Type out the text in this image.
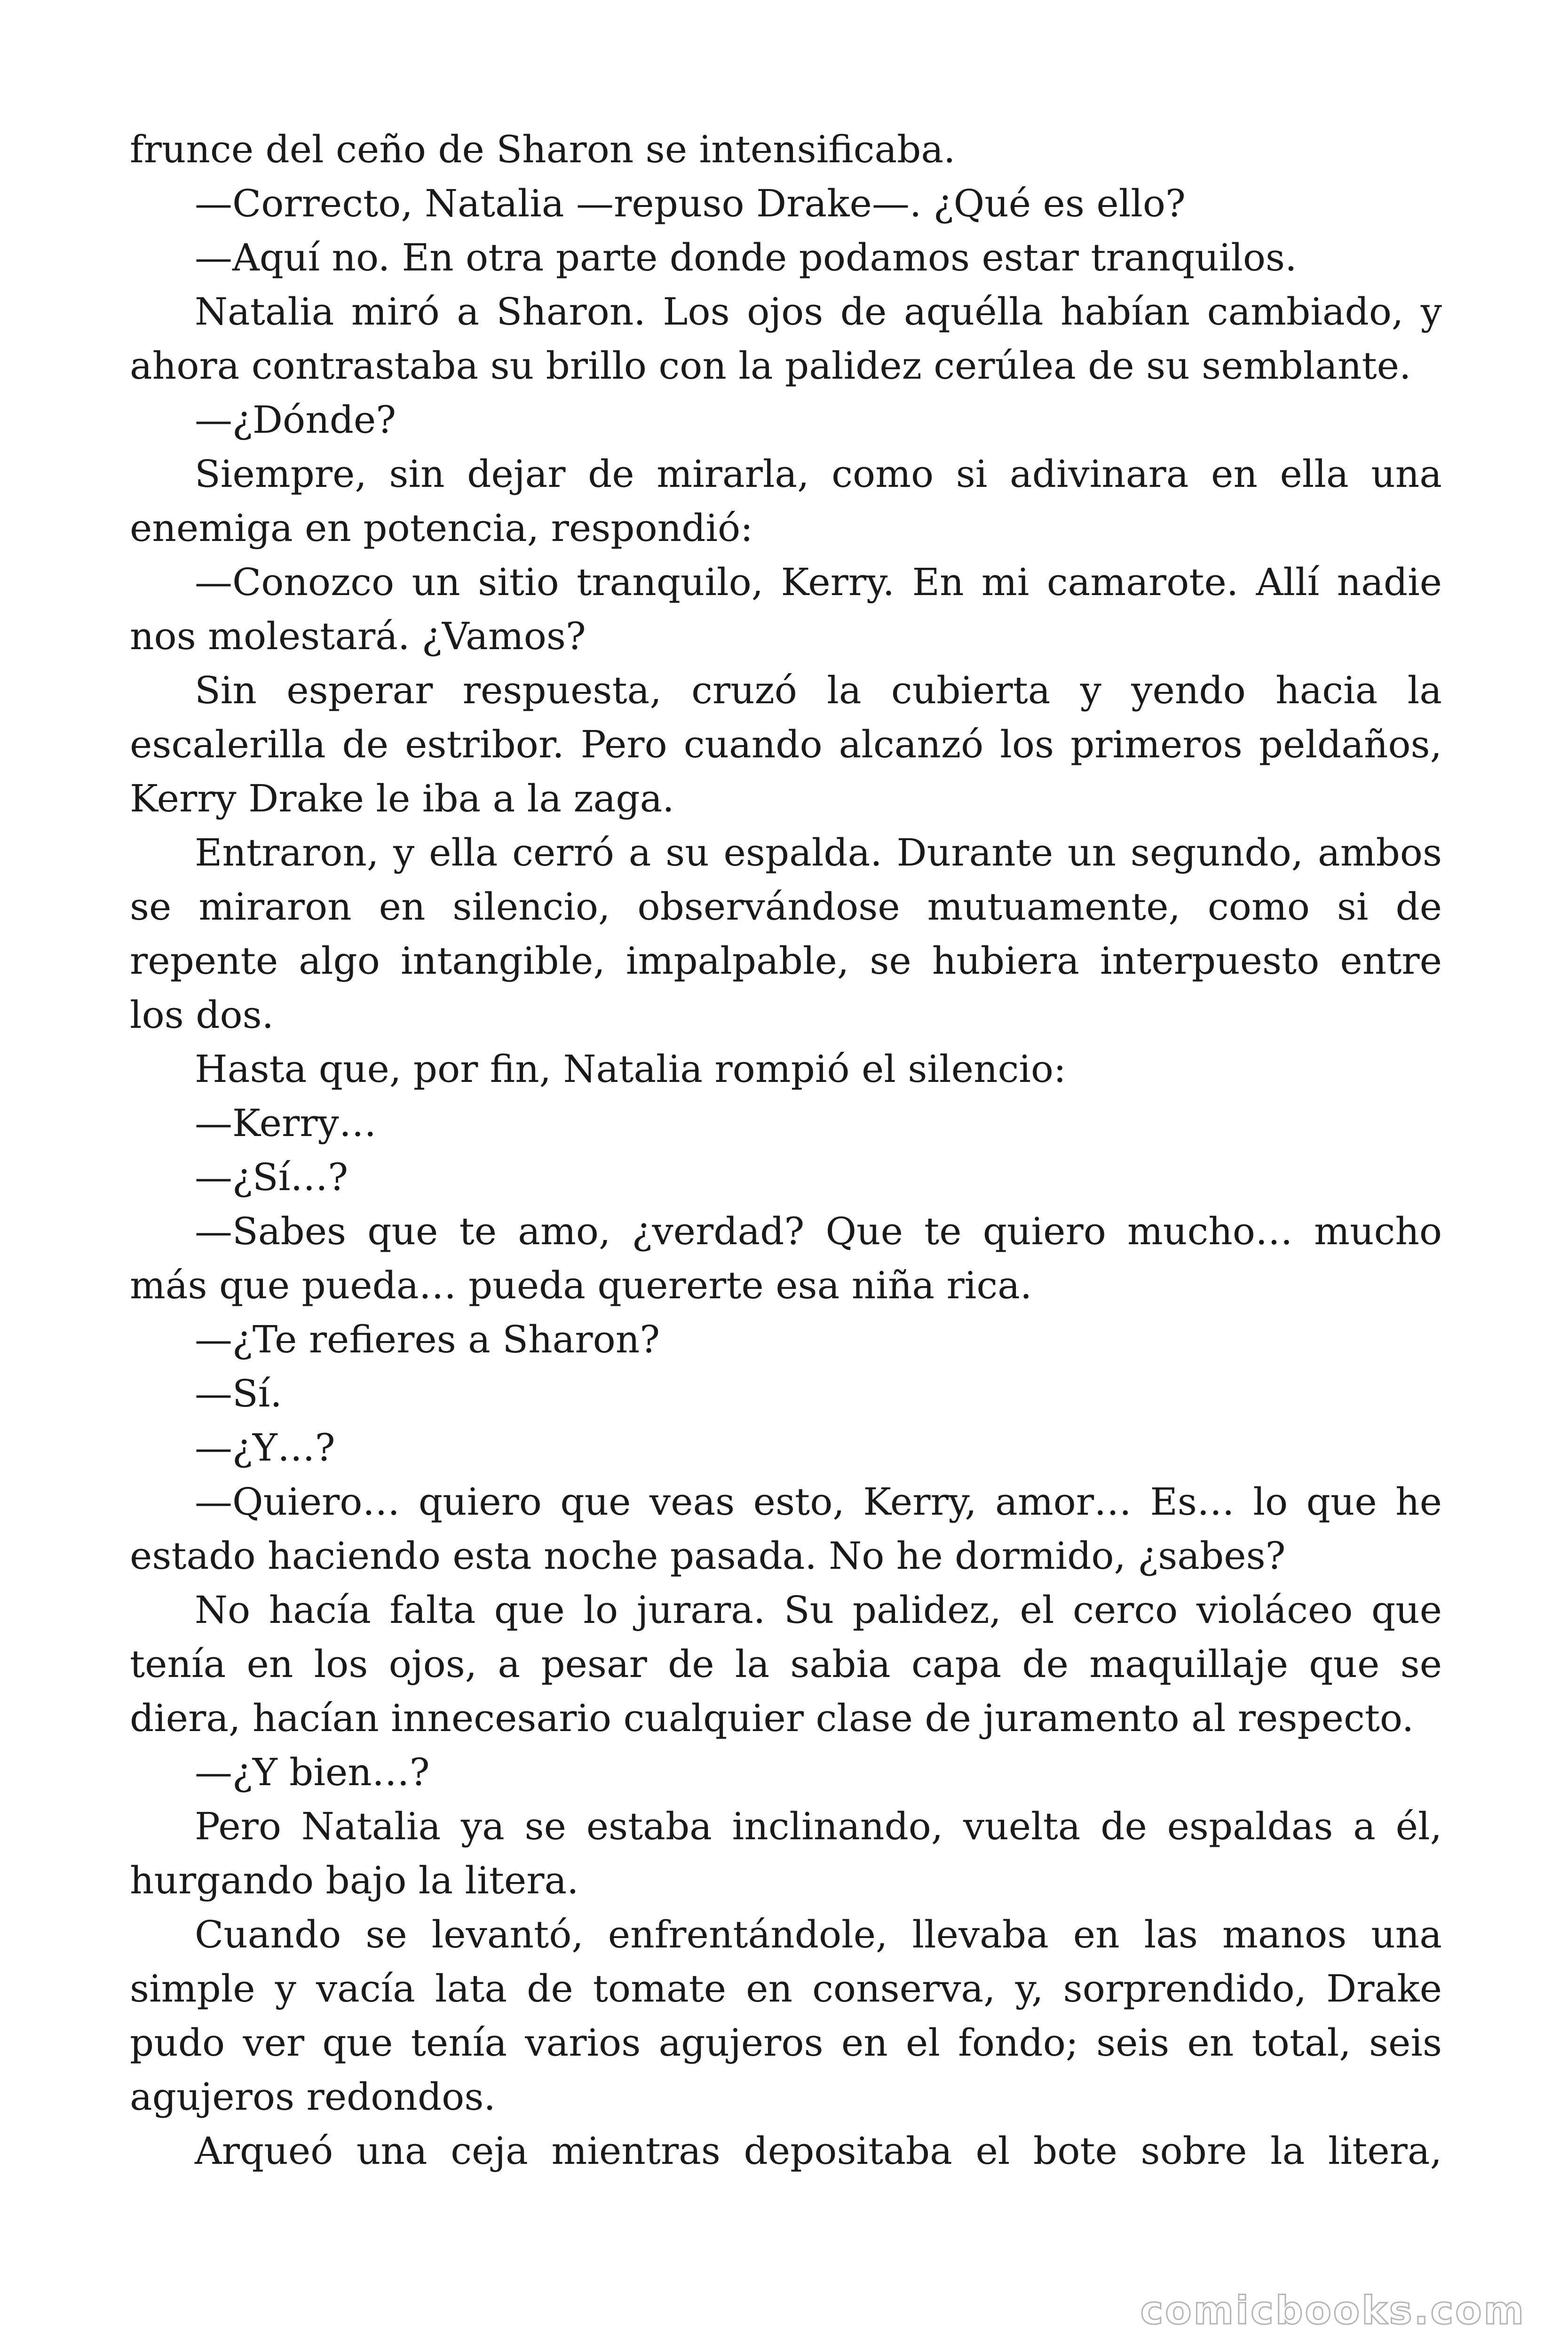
frunce del ceño de Sharon se intensificaba.

—Correcto, Natalia —repuso Drake—. ¿Qué es ello?

—Aquí no. En otra parte donde podamos estar tranquilos.

Natalia miró a Sharon. Los ojos de aquélla habían cambiado, y ahora contrastaba su brillo con la palidez cerúlea de su semblante.

—¿Dónde?

Siempre, sin dejar de mirarla, como si adivinara en ella una enemiga en potencia, respondió:

—Conozco un sitio tranquilo, Kerry. En mi camarote. Allí nadie nos molestará. ¿Vamos?

Sin esperar respuesta, cruzó la cubierta y yendo hacia la escalerilla de estribor. Pero cuando alcanzó los primeros peldaños, Kerry Drake le iba a la zaga.

Entraron, y ella cerró a su espalda. Durante un segundo, ambos se miraron en silencio, observándose mutuamente, como si de repente algo intangible, impalpable, se hubiera interpuesto entre los dos.

Hasta que, por fin, Natalia rompió el silencio:

—Kerry…

—¿Sí…?

—Sabes que te amo, ¿verdad? Que te quiero mucho… mucho más que pueda… pueda quererte esa niña rica.

—¿Te refieres a Sharon?

—Sí.

—¿Y…?

—Quiero… quiero que veas esto, Kerry, amor… Es… lo que he estado haciendo esta noche pasada. No he dormido, ¿sabes?

No hacía falta que lo jurara. Su palidez, el cerco violáceo que tenía en los ojos, a pesar de la sabia capa de maquillaje que se diera, hacían innecesario cualquier clase de juramento al respecto.

—¿Y bien…?

Pero Natalia ya se estaba inclinando, vuelta de espaldas a él, hurgando bajo la litera.

Cuando se levantó, enfrentándole, llevaba en las manos una simple y vacía lata de tomate en conserva, y, sorprendido, Drake pudo ver que tenía varios agujeros en el fondo; seis en total, seis agujeros redondos.

Arqueó una ceja mientras depositaba el bote sobre la litera,

comicbooks.com
